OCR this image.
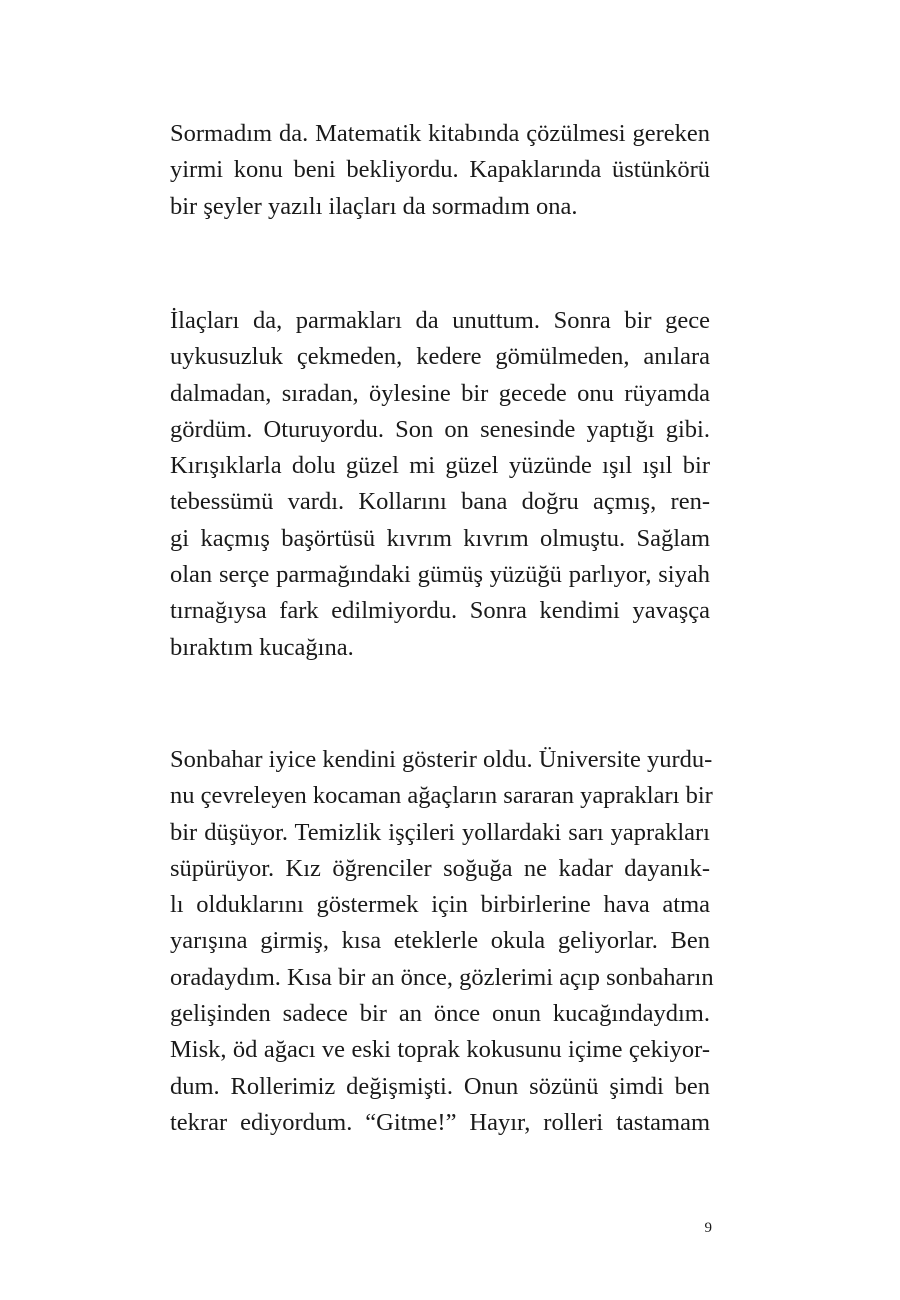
Sormadım da. Matematik kitabında çözülmesi gereken
yirmi konu beni bekliyordu. Kapaklarında üstünkörü
bir şeyler yazılı ilaçları da sormadım ona.

İlaçları da, parmakları da unuttum. Sonra bir gece
uykusuzluk çekmeden, kedere gömülmeden, anılara
dalmadan, sıradan, öylesine bir gecede onu rüyamda
gördüm. Oturuyordu. Son on senesinde yaptığı gibi.
Kırışıklarla dolu güzel mi güzel yüzünde ışıl ışıl bir
tebessümü vardı. Kollarını bana doğru açmış, ren-
gi kaçmış başörtüsü kıvrım kıvrım olmuştu. Sağlam
olan serçe parmağındaki gümüş yüzüğü parlıyor, siyah
tırnağıysa fark edilmiyordu. Sonra kendimi yavaşça
bıraktım kucağına.

Sonbahar iyice kendini gösterir oldu. Üniversite yurdu-
nu çevreleyen kocaman ağaçların sararan yaprakları bir
bir düşüyor. Temizlik işçileri yollardaki sarı yaprakları
süpürüyor. Kız öğrenciler soğuğa ne kadar dayanık-
lı olduklarını göstermek için birbirlerine hava atma
yarışına girmiş, kısa eteklerle okula geliyorlar. Ben
oradaydım. Kısa bir an önce, gözlerimi açıp sonbaharın
gelişinden sadece bir an önce onun kucağındaydım.
Misk, öd ağacı ve eski toprak kokusunu içime çekiyor-
dum. Rollerimiz değişmişti. Onun sözünü şimdi ben
tekrar ediyordum. “Gitme!” Hayır, rolleri tastamam

9
